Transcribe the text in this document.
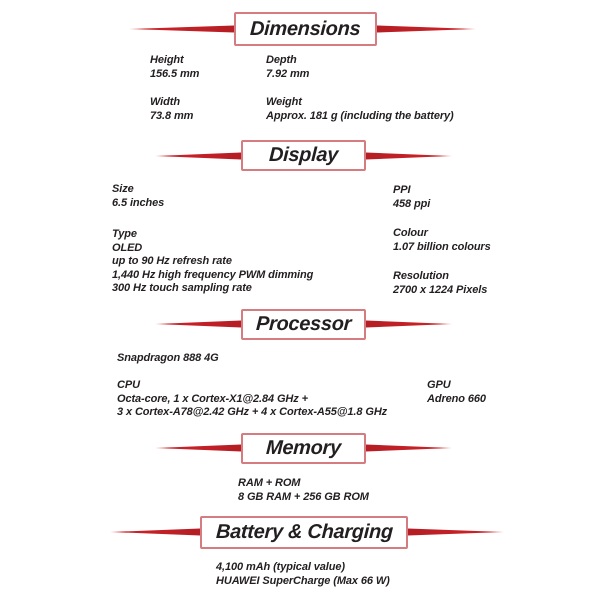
Dimensions
Height
156.5 mm
Depth
7.92 mm
Width
73.8 mm
Weight
Approx. 181 g (including the battery)
Display
Size
6.5 inches
PPI
458 ppi
Type
OLED
up to 90 Hz refresh rate
1,440 Hz high frequency PWM dimming
300 Hz touch sampling rate
Colour
1.07 billion colours
Resolution
2700 x 1224 Pixels
Processor
Snapdragon 888 4G
CPU
Octa-core, 1 x Cortex-X1@2.84 GHz +
3 x Cortex-A78@2.42 GHz + 4 x Cortex-A55@1.8 GHz
GPU
Adreno 660
Memory
RAM + ROM
8 GB RAM + 256 GB ROM
Battery & Charging
4,100 mAh (typical value)
HUAWEI SuperCharge (Max 66 W)
